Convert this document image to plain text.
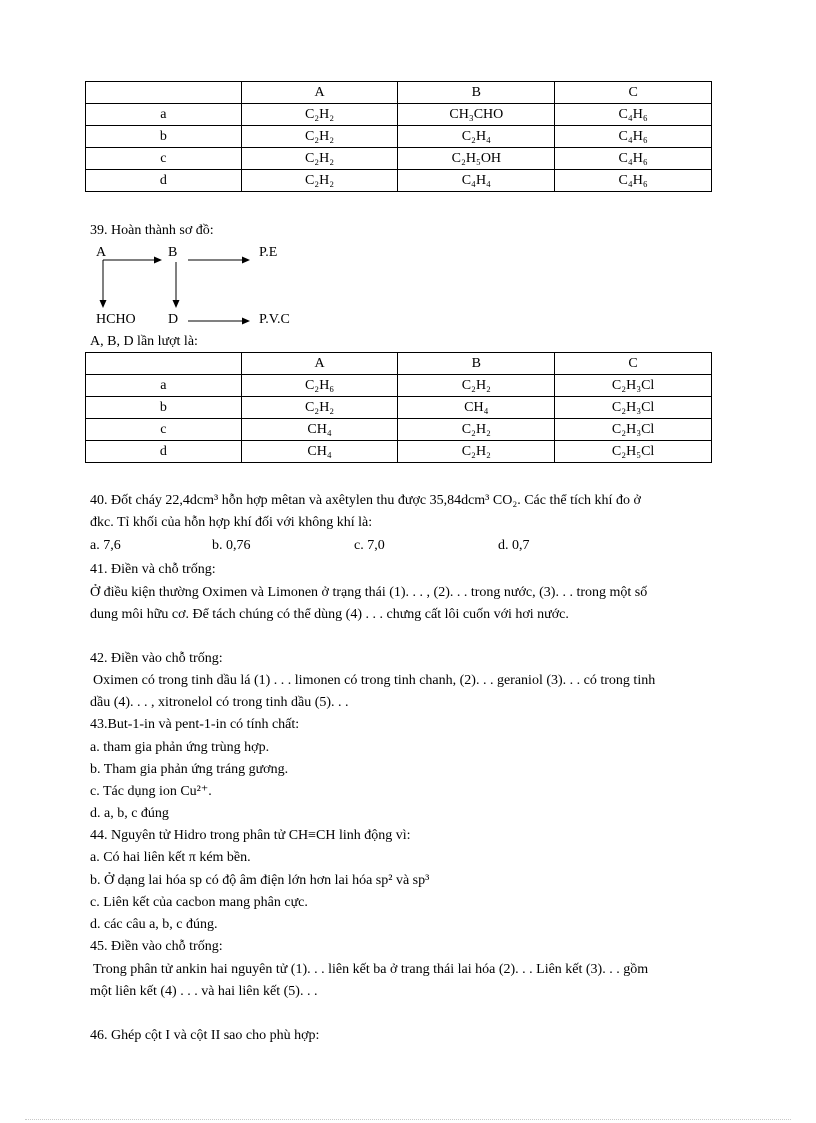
	A	B	C
a	C₂H₂	CH₃CHO	C₄H₆
b	C₂H₂	C₂H₄	C₄H₆
c	C₂H₂	C₂H₅OH	C₄H₆
d	C₂H₂	C₄H₄	C₄H₆
39. Hoàn thành sơ đồ:
A	B	P.E
HCHO D	P.V.C
A, B, D lần lượt là:
	A	B	C
a	C₂H₆	C₂H₂	C₂H₃Cl
b	C₂H₂	CH₄	C₂H₃Cl
c	CH₄	C₂H₂	C₂H₃Cl
d	CH₄	C₂H₂	C₂H₅Cl
40. Đốt cháy 22,4dcm³ hỗn hợp mêtan và axêtylen thu được 35,84dcm³ CO₂. Các thể tích khí đo ở
đkc. Tỉ khối của hỗn hợp khí đối với không khí là:
a. 7,6	b. 0,76	c. 7,0	d. 0,7
41. Điền và chỗ trống:
Ở điều kiện thường Oximen và Limonen ở trạng thái (1). . . , (2). . . trong nước, (3). . . trong một số
dung môi hữu cơ. Để tách chúng có thể dùng (4) . . . chưng cất lôi cuốn với hơi nước.
42. Điền vào chỗ trống:
Oximen có trong tinh dầu lá (1) . . . limonen có trong tinh chanh, (2). . . geraniol (3). . . có trong tinh
dầu (4). . . , xitronelol có trong tinh dầu (5). . .
43.But-1-in và pent-1-in có tính chất:
a. tham gia phản ứng trùng hợp.
b. Tham gia phản ứng tráng gương.
c. Tác dụng ion Cu²⁺.
d. a, b, c đúng
44. Nguyên tử Hidro trong phân tử CH≡CH linh động vì:
a. Có hai liên kết π kém bền.
b. Ở dạng lai hóa sp có độ âm điện lớn hơn lai hóa sp² và sp³
c. Liên kết của cacbon mang phân cực.
d. các câu a, b, c đúng.
45. Điền vào chỗ trống:
Trong phân tử ankin hai nguyên tử (1). . . liên kết ba ở trang thái lai hóa (2). . . Liên kết (3). . . gồm
một liên kết (4) . . . và hai liên kết (5). . .
46. Ghép cột I và cột II sao cho phù hợp:
